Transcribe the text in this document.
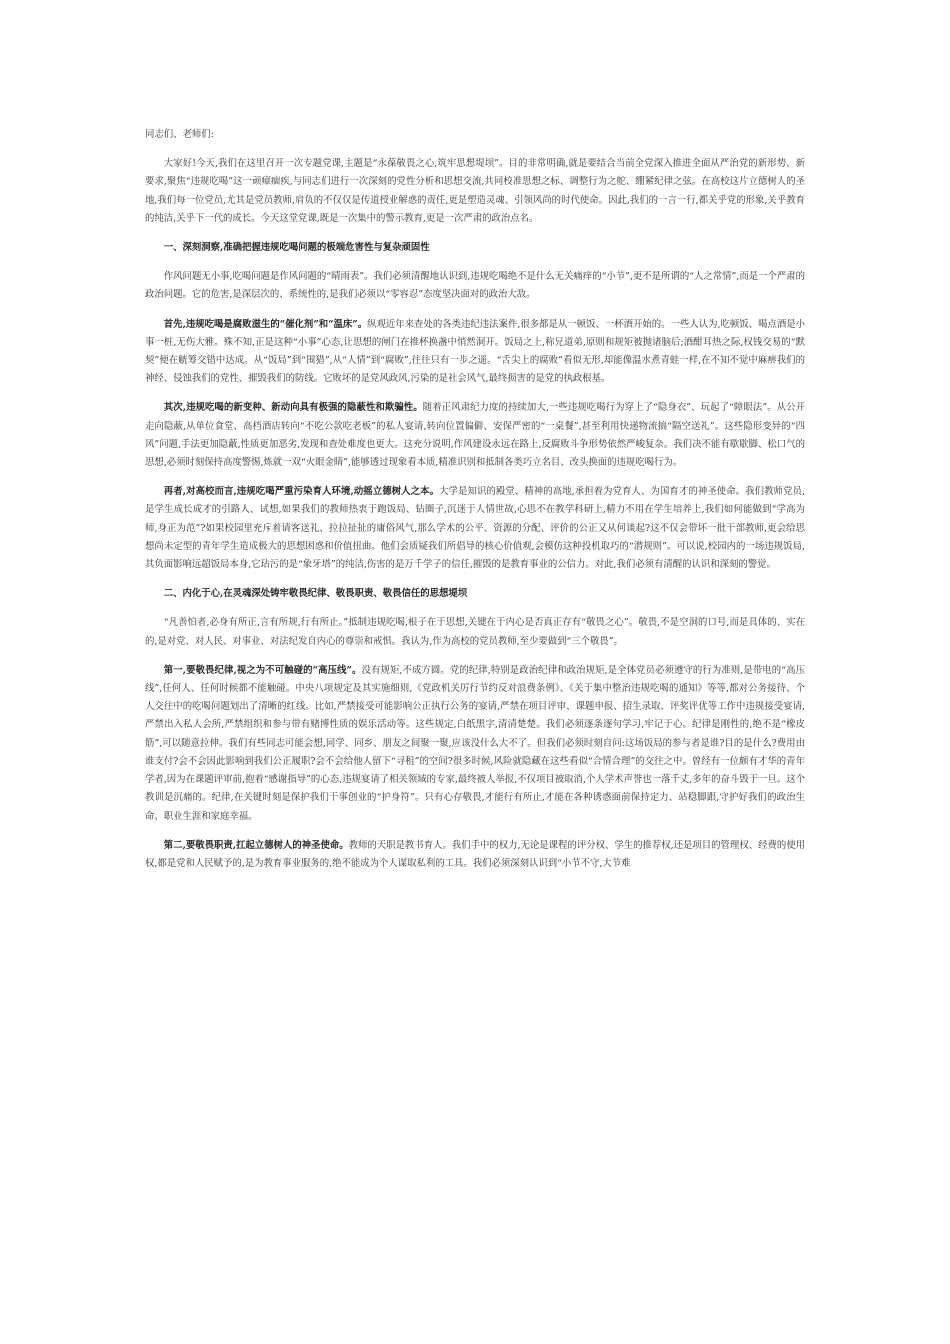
同志们、老师们:

大家好!今天,我们在这里召开一次专题党课,主题是“永葆敬畏之心,筑牢思想堤坝”。目的非常明确,就是要结合当前全党深入推进全面从严治党的新形势、新要求,聚焦“违规吃喝”这一顽瘴痼疾,与同志们进行一次深刻的党性分析和思想交流,共同校准思想之标、调整行为之舵、绷紧纪律之弦。在高校这片立德树人的圣地,我们每一位党员,尤其是党员教师,肩负的不仅仅是传道授业解惑的责任,更是塑造灵魂、引领风尚的时代使命。因此,我们的一言一行,都关乎党的形象,关乎教育的纯洁,关乎下一代的成长。今天这堂党课,既是一次集中的警示教育,更是一次严肃的政治点名。

一、深刻洞察,准确把握违规吃喝问题的极端危害性与复杂顽固性

作风问题无小事,吃喝问题是作风问题的“晴雨表”。我们必须清醒地认识到,违规吃喝绝不是什么无关痛痒的“小节”,更不是所谓的“人之常情”,而是一个严肃的政治问题。它的危害,是深层次的、系统性的,是我们必须以“零容忍”态度坚决面对的政治大敌。

首先,违规吃喝是腐败滋生的“催化剂”和“温床”。纵观近年来查处的各类违纪违法案件,很多都是从一顿饭、一杯酒开始的。一些人认为,吃顿饭、喝点酒是小事一桩,无伤大雅。殊不知,正是这种“小事”心态,让思想的闸门在推杯换盏中悄然洞开。饭局之上,称兄道弟,原则和规矩被抛诸脑后;酒酣耳热之际,权钱交易的“默契”便在觥筹交错中达成。从“饭局”到“围猎”,从“人情”到“腐败”,往往只有一步之遥。“舌尖上的腐败”看似无形,却能像温水煮青蛙一样,在不知不觉中麻痹我们的神经、侵蚀我们的党性、摧毁我们的防线。它败坏的是党风政风,污染的是社会风气,最终损害的是党的执政根基。

其次,违规吃喝的新变种、新动向具有极强的隐蔽性和欺骗性。随着正风肃纪力度的持续加大,一些违规吃喝行为穿上了“隐身衣”、玩起了“障眼法”。从公开走向隐蔽,从单位食堂、高档酒店转向“不吃公款吃老板”的私人宴请,转向位置偏僻、安保严密的“一桌餐”,甚至利用快递物流搞“隔空送礼”。这些隐形变异的“四风”问题,手法更加隐蔽,性质更加恶劣,发现和查处难度也更大。这充分说明,作风建设永远在路上,反腐败斗争形势依然严峻复杂。我们决不能有歇歇脚、松口气的思想,必须时刻保持高度警惕,炼就一双“火眼金睛”,能够透过现象看本质,精准识别和抵制各类巧立名目、改头换面的违规吃喝行为。

再者,对高校而言,违规吃喝严重污染育人环境,动摇立德树人之本。大学是知识的殿堂、精神的高地,承担着为党育人、为国育才的神圣使命。我们教师党员,是学生成长成才的引路人、试想,如果我们的教师热衷于跑饭局、钻圈子,沉迷于人情世故,心思不在教学科研上,精力不用在学生培养上,我们如何能做到“学高为师,身正为范”?如果校园里充斥着请客送礼、拉拉扯扯的庸俗风气,那么学术的公平、资源的分配、评价的公正又从何谈起?这不仅会带坏一批干部教师,更会给思想尚未定型的青年学生造成极大的思想困惑和价值扭曲。他们会质疑我们所倡导的核心价值观,会模仿这种投机取巧的“潜规则”。可以说,校园内的一场违规饭局,其负面影响远超饭局本身,它玷污的是“象牙塔”的纯洁,伤害的是万千学子的信任,摧毁的是教育事业的公信力。对此,我们必须有清醒的认识和深刻的警觉。

二、内化于心,在灵魂深处铸牢敬畏纪律、敬畏职责、敬畏信任的思想堤坝

“凡善怕者,必身有所正,言有所规,行有所止。”抵制违规吃喝,根子在于思想,关键在于内心是否真正存有“敬畏之心”。敬畏,不是空洞的口号,而是具体的、实在的,是对党、对人民、对事业、对法纪发自内心的尊崇和戒惧。我认为,作为高校的党员教师,至少要做到“三个敬畏”。

第一,要敬畏纪律,视之为不可触碰的“高压线”。没有规矩,不成方圆。党的纪律,特别是政治纪律和政治规矩,是全体党员必须遵守的行为准则,是带电的“高压线”,任何人、任何时候都不能触碰。中央八项规定及其实施细则,《党政机关厉行节约反对浪费条例》、《关于集中整治违规吃喝的通知》等等,都对公务接待、个人交往中的吃喝问题划出了清晰的红线。比如,严禁接受可能影响公正执行公务的宴请,严禁在项目评审、课题申报、招生录取、评奖评优等工作中违规接受宴请,严禁出入私人会所,严禁组织和参与带有赌博性质的娱乐活动等。这些规定,白纸黑字,清清楚楚。我们必须逐条逐句学习,牢记于心。纪律是刚性的,绝不是“橡皮筋”,可以随意拉伸。我们有些同志可能会想,同学、同乡、朋友之间聚一聚,应该没什么大不了。但我们必须时刻自问:这场饭局的参与者是谁?目的是什么?费用由谁支付?会不会因此影响到我们公正履职?会不会给他人留下“寻租”的空间?很多时候,风险就隐藏在这些看似“合情合理”的交往之中。曾经有一位颇有才华的青年学者,因为在课题评审前,抱着“感谢指导”的心态,违规宴请了相关领域的专家,最终被人举报,不仅项目被取消,个人学术声誉也一落千丈,多年的奋斗毁于一旦。这个教训是沉痛的。纪律,在关键时刻是保护我们干事创业的“护身符”。只有心存敬畏,才能行有所止,才能在各种诱惑面前保持定力、站稳脚跟,守护好我们的政治生命、职业生涯和家庭幸福。

第二,要敬畏职责,扛起立德树人的神圣使命。教师的天职是教书育人。我们手中的权力,无论是课程的评分权、学生的推荐权,还是项目的管理权、经费的使用权,都是党和人民赋予的,是为教育事业服务的,绝不能成为个人谋取私利的工具。我们必须深刻认识到“小节不守,大节难
